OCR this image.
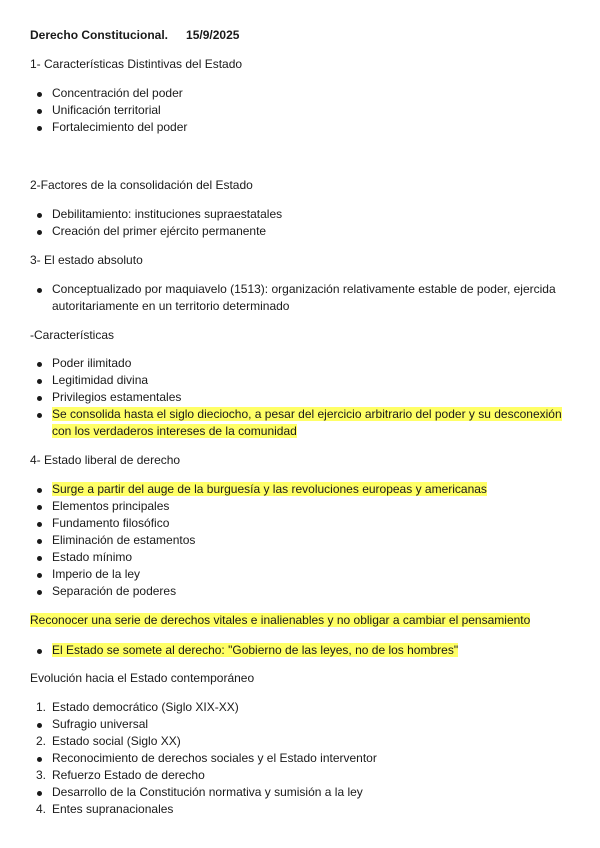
Derecho Constitucional. 15/9/2025
1- Características Distintivas del Estado
Concentración del poder
Unificación territorial
Fortalecimiento del poder
2-Factores de la consolidación del Estado
Debilitamiento: instituciones supraestatales
Creación del primer ejército permanente
3- El estado absoluto
Conceptualizado por maquiavelo (1513): organización relativamente estable de poder, ejercida autoritariamente en un territorio determinado
-Características
Poder ilimitado
Legitimidad divina
Privilegios estamentales
Se consolida hasta el siglo dieciocho, a pesar del ejercicio arbitrario del poder y su desconexión con los verdaderos intereses de la comunidad
4- Estado liberal de derecho
Surge a partir del auge de la burguesía y las revoluciones europeas y americanas
Elementos principales
Fundamento filosófico
Eliminación de estamentos
Estado mínimo
Imperio de la ley
Separación de poderes
Reconocer una serie de derechos vitales e inalienables y no obligar a cambiar el pensamiento
El Estado se somete al derecho: "Gobierno de las leyes, no de los hombres"
Evolución hacia el Estado contemporáneo
1. Estado democrático (Siglo XIX-XX)
Sufragio universal
2. Estado social (Siglo XX)
Reconocimiento de derechos sociales y el Estado interventor
3. Refuerzo Estado de derecho
Desarrollo de la Constitución normativa y sumisión a la ley
4. Entes supranacionales
